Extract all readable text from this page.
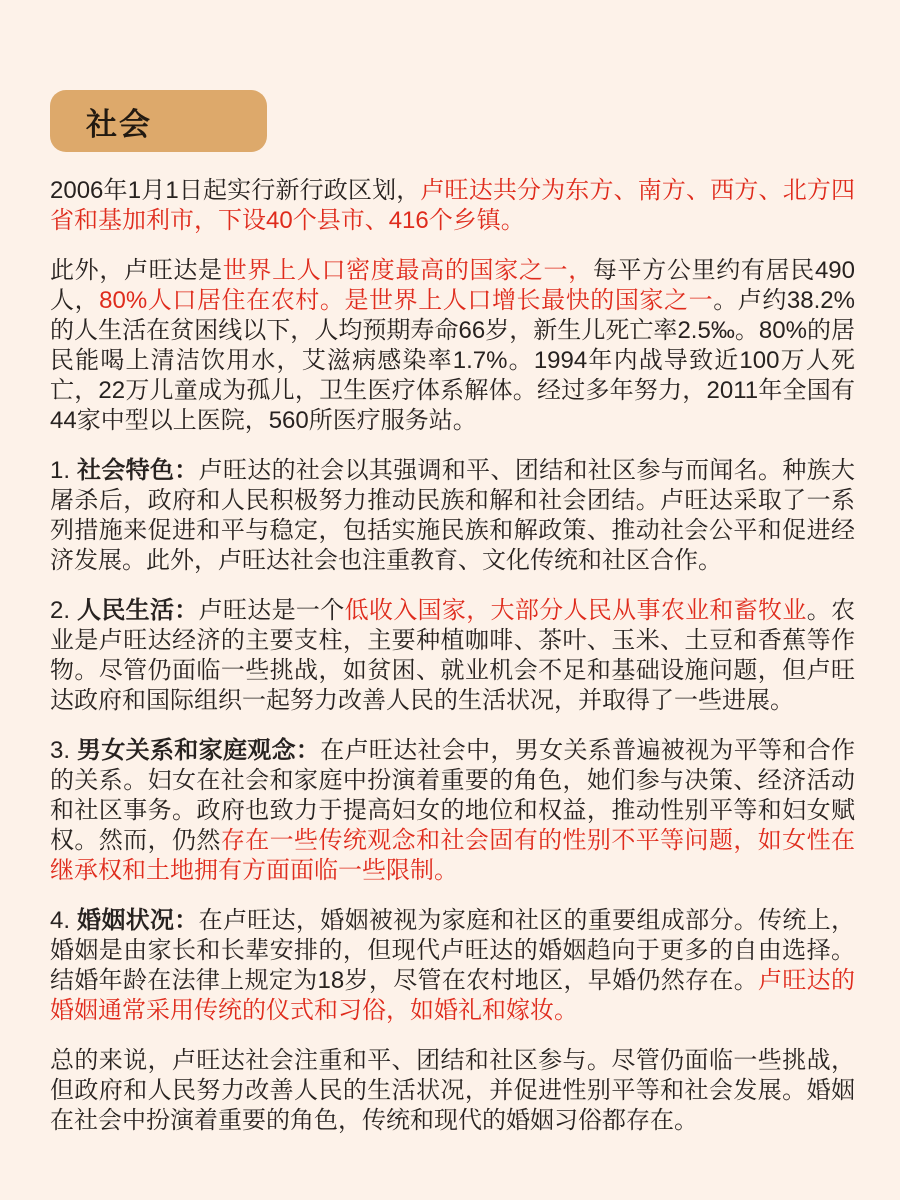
社会

2006年1月1日起实行新行政区划，卢旺达共分为东方、南方、西方、北方四省和基加利市，下设40个县市、416个乡镇。

此外，卢旺达是世界上人口密度最高的国家之一，每平方公里约有居民490人，80%人口居住在农村。是世界上人口增长最快的国家之一。卢约38.2%的人生活在贫困线以下，人均预期寿命66岁，新生儿死亡率2.5‰。80%的居民能喝上清洁饮用水，艾滋病感染率1.7%。1994年内战导致近100万人死亡，22万儿童成为孤儿，卫生医疗体系解体。经过多年努力，2011年全国有44家中型以上医院，560所医疗服务站。

1. 社会特色：卢旺达的社会以其强调和平、团结和社区参与而闻名。种族大屠杀后，政府和人民积极努力推动民族和解和社会团结。卢旺达采取了一系列措施来促进和平与稳定，包括实施民族和解政策、推动社会公平和促进经济发展。此外，卢旺达社会也注重教育、文化传统和社区合作。

2. 人民生活：卢旺达是一个低收入国家，大部分人民从事农业和畜牧业。农业是卢旺达经济的主要支柱，主要种植咖啡、茶叶、玉米、土豆和香蕉等作物。尽管仍面临一些挑战，如贫困、就业机会不足和基础设施问题，但卢旺达政府和国际组织一起努力改善人民的生活状况，并取得了一些进展。

3. 男女关系和家庭观念：在卢旺达社会中，男女关系普遍被视为平等和合作的关系。妇女在社会和家庭中扮演着重要的角色，她们参与决策、经济活动和社区事务。政府也致力于提高妇女的地位和权益，推动性别平等和妇女赋权。然而，仍然存在一些传统观念和社会固有的性别不平等问题，如女性在继承权和土地拥有方面面临一些限制。

4. 婚姻状况：在卢旺达，婚姻被视为家庭和社区的重要组成部分。传统上，婚姻是由家长和长辈安排的，但现代卢旺达的婚姻趋向于更多的自由选择。结婚年龄在法律上规定为18岁，尽管在农村地区，早婚仍然存在。卢旺达的婚姻通常采用传统的仪式和习俗，如婚礼和嫁妆。

总的来说，卢旺达社会注重和平、团结和社区参与。尽管仍面临一些挑战，但政府和人民努力改善人民的生活状况，并促进性别平等和社会发展。婚姻在社会中扮演着重要的角色，传统和现代的婚姻习俗都存在。
